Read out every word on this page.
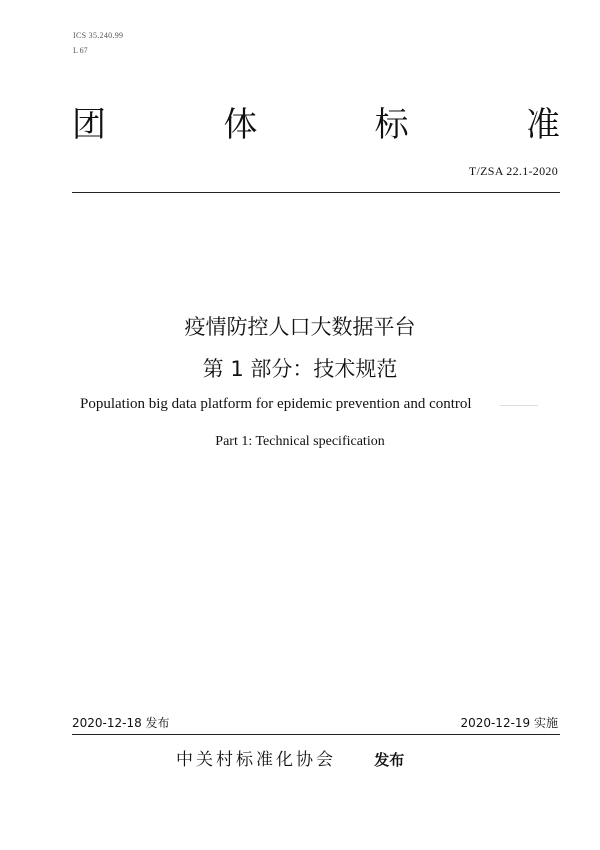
ICS 35.240.99
L 67
团	体	标	准
T/ZSA 22.1-2020
疫情防控人口大数据平台
第 1 部分：技术规范
Population big data platform for epidemic prevention and control
Part 1: Technical specification
2020-12-18 发布	2020-12-19 实施
中关村标准化协会	发布
